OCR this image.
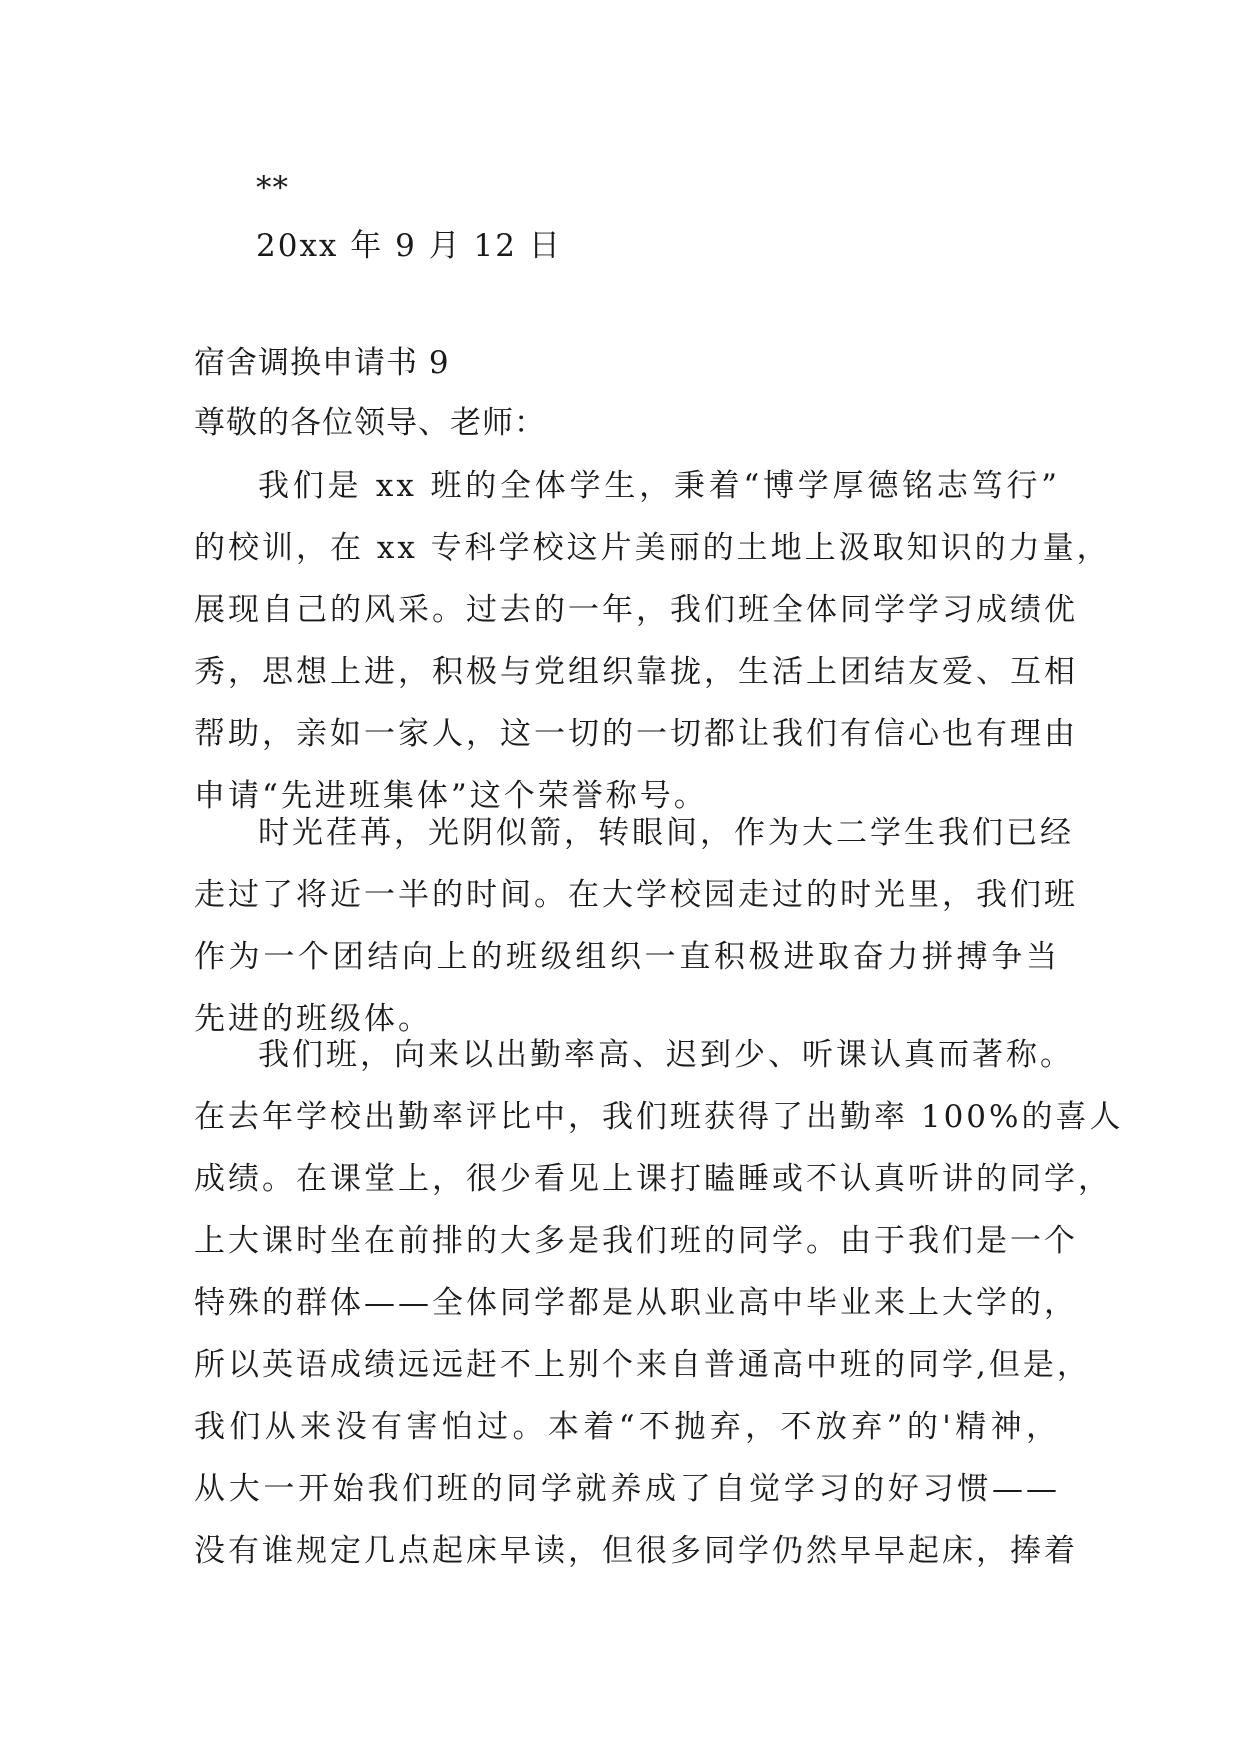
**
20xx 年 9 月 12 日
宿舍调换申请书 9
尊敬的各位领导、老师：
我们是 xx 班的全体学生，秉着“博学厚德铭志笃行”
的校训，在 xx 专科学校这片美丽的土地上汲取知识的力量，
展现自己的风采。过去的一年，我们班全体同学学习成绩优
秀，思想上进，积极与党组织靠拢，生活上团结友爱、互相
帮助，亲如一家人，这一切的一切都让我们有信心也有理由
申请“先进班集体”这个荣誉称号。
时光荏苒，光阴似箭，转眼间，作为大二学生我们已经
走过了将近一半的时间。在大学校园走过的时光里，我们班
作为一个团结向上的班级组织一直积极进取奋力拼搏争当
先进的班级体。
我们班，向来以出勤率高、迟到少、听课认真而著称。
在去年学校出勤率评比中，我们班获得了出勤率 100%的喜人
成绩。在课堂上，很少看见上课打瞌睡或不认真听讲的同学，
上大课时坐在前排的大多是我们班的同学。由于我们是一个
特殊的群体——全体同学都是从职业高中毕业来上大学的，
所以英语成绩远远赶不上别个来自普通高中班的同学,但是，
我们从来没有害怕过。本着“不抛弃，不放弃”的'精神，
从大一开始我们班的同学就养成了自觉学习的好习惯——
没有谁规定几点起床早读，但很多同学仍然早早起床，捧着
